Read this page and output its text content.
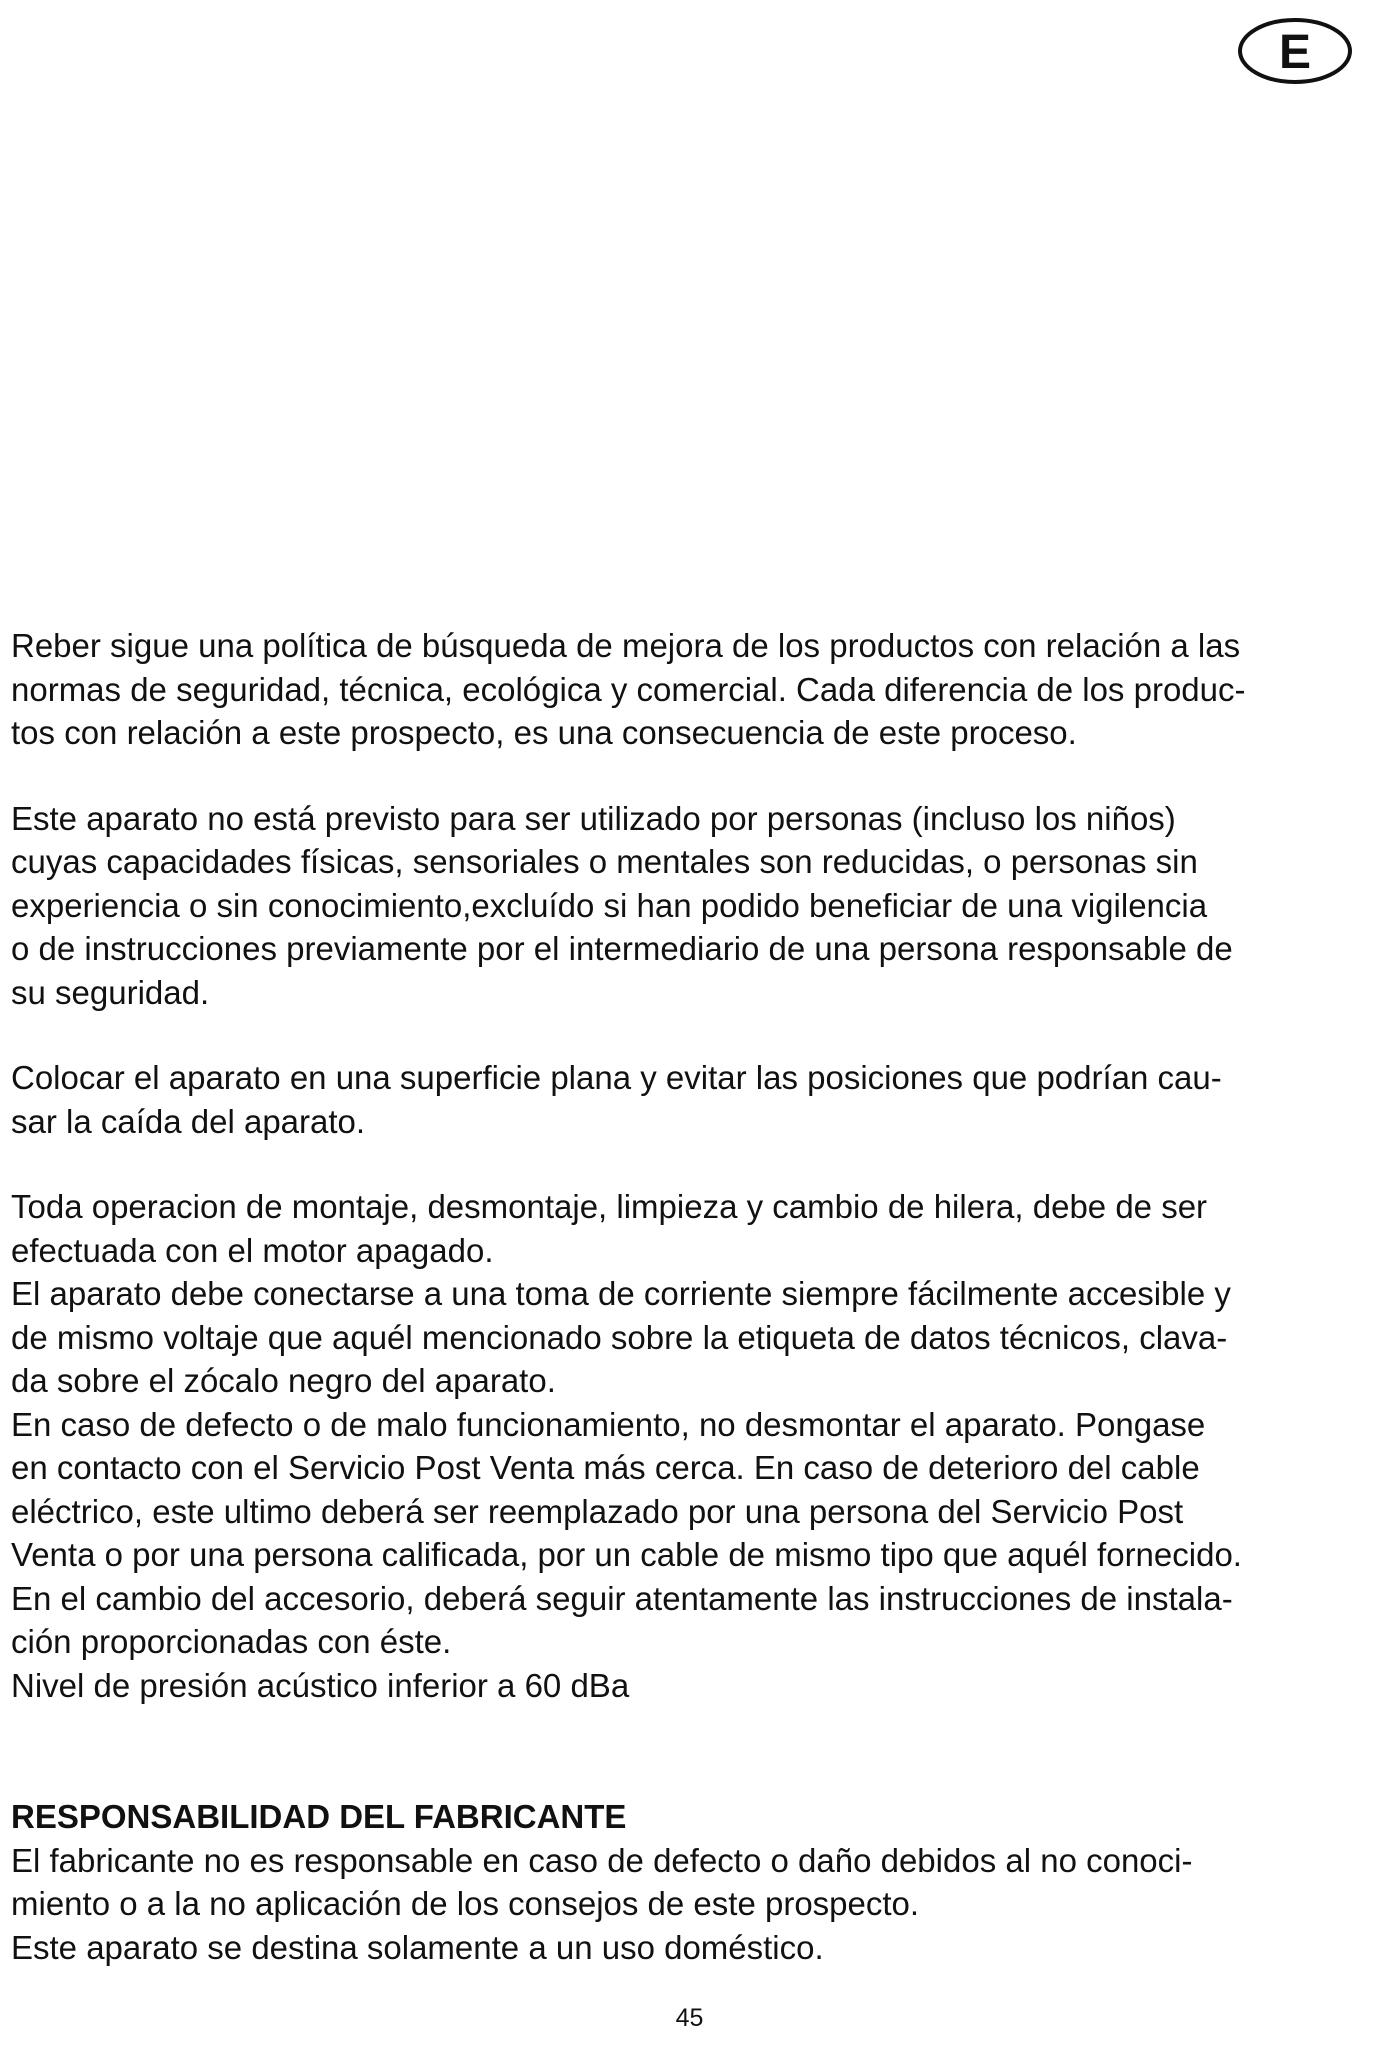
E

Reber sigue una política de búsqueda de mejora de los productos con relación a las
normas de seguridad, técnica, ecológica y comercial. Cada diferencia de los produc-
tos con relación a este prospecto, es una consecuencia de este proceso.

Este aparato no está previsto para ser utilizado por personas (incluso los niños)
cuyas capacidades físicas, sensoriales o mentales son reducidas, o personas sin
experiencia o sin conocimiento,excluído si han podido beneficiar de una vigilencia
o de instrucciones previamente por el intermediario de una persona responsable de
su seguridad.

Colocar el aparato en una superficie plana y evitar las posiciones que podrían cau-
sar la caída del aparato.

Toda operacion de montaje, desmontaje, limpieza y cambio de hilera, debe de ser
efectuada con el motor apagado.
El aparato debe conectarse a una toma de corriente siempre fácilmente accesible y
de mismo voltaje que aquél mencionado sobre la etiqueta de datos técnicos, clava-
da sobre el zócalo negro del aparato.
En caso de defecto o de malo funcionamiento, no desmontar el aparato. Pongase
en contacto con el Servicio Post Venta más cerca. En caso de deterioro del cable
eléctrico, este ultimo deberá ser reemplazado por una persona del Servicio Post
Venta o por una persona calificada, por un cable de mismo tipo que aquél fornecido.
En el cambio del accesorio, deberá seguir atentamente las instrucciones de instala-
ción proporcionadas con éste.
Nivel de presión acústico inferior a 60 dBa

RESPONSABILIDAD DEL FABRICANTE

El fabricante no es responsable en caso de defecto o daño debidos al no conoci-
miento o a la no aplicación de los consejos de este prospecto.
Este aparato se destina solamente a un uso doméstico.

45
